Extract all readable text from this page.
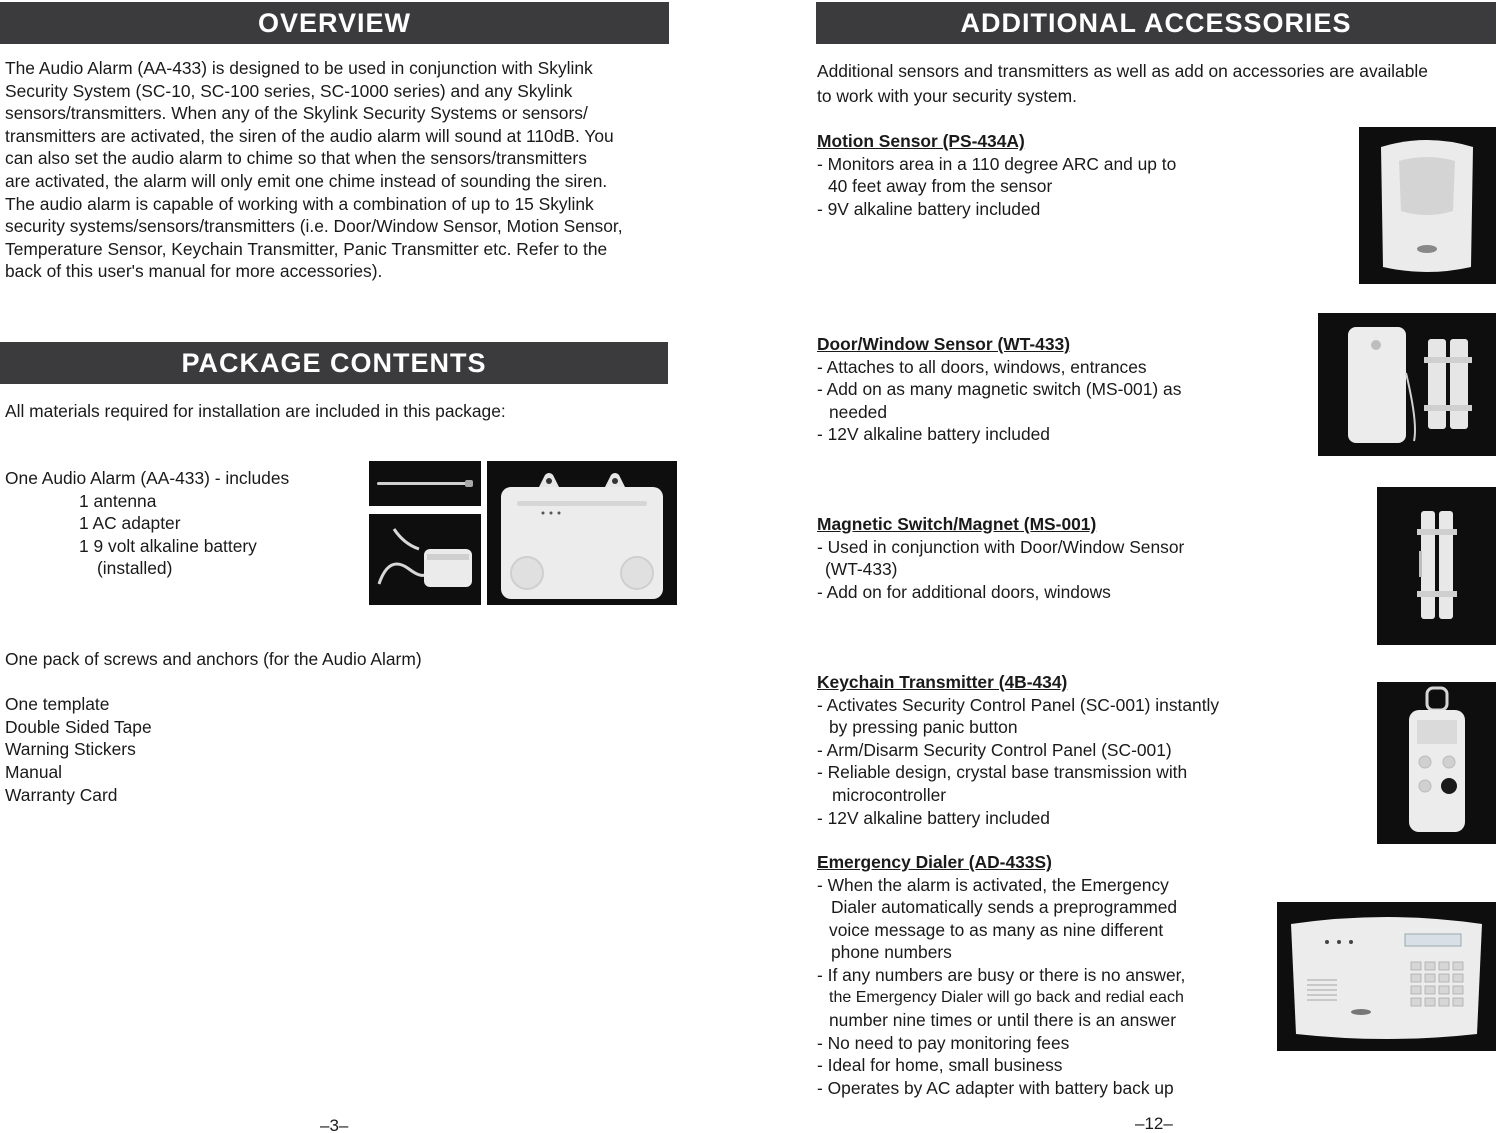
OVERVIEW

The Audio Alarm (AA-433) is designed to be used in conjunction with Skylink

Security System (SC-10, SC-100 series, SC-1000 series) and any Skylink

sensors/transmitters. When any of the Skylink Security Systems or sensors/

transmitters are activated, the siren of the audio alarm will sound at 110dB. You

can also set the audio alarm to chime so that when the sensors/transmitters

are activated, the alarm will only emit one chime instead of sounding the siren.

The audio alarm is capable of working with a combination of up to 15 Skylink

security systems/sensors/transmitters (i.e. Door/Window Sensor, Motion Sensor,

Temperature Sensor, Keychain Transmitter, Panic Transmitter etc. Refer to the

back of this user's manual for more accessories).

PACKAGE CONTENTS

All materials required for installation are included in this package:

One Audio Alarm (AA-433) - includes

1 antenna

1 AC adapter

1 9 volt alkaline battery

(installed)

One pack of screws and anchors (for the Audio Alarm)

One template

Double Sided Tape

Warning Stickers

Manual

Warranty Card

–3–
ADDITIONAL ACCESSORIES

Additional sensors and transmitters as well as add on accessories are available

to work with your security system.

Motion Sensor (PS-434A)

- Monitors area in a 110 degree ARC and up to

40 feet away from the sensor

- 9V alkaline battery included

Door/Window Sensor (WT-433)

- Attaches to all doors, windows, entrances

- Add on as many magnetic switch (MS-001) as

needed

- 12V alkaline battery included

Magnetic Switch/Magnet (MS-001)

- Used in conjunction with Door/Window Sensor

(WT-433)

- Add on for additional doors, windows

Keychain Transmitter (4B-434)

- Activates Security Control Panel (SC-001) instantly

by pressing panic button

- Arm/Disarm Security Control Panel (SC-001)

- Reliable design, crystal base transmission with

microcontroller

- 12V alkaline battery included

Emergency Dialer (AD-433S)

- When the alarm is activated, the Emergency

Dialer automatically sends a preprogrammed

voice message to as many as nine different

phone numbers

- If any numbers are busy or there is no answer,

the Emergency Dialer will go back and redial each

number nine times or until there is an answer

- No need to pay monitoring fees

- Ideal for home, small business

- Operates by AC adapter with battery back up

–12–
